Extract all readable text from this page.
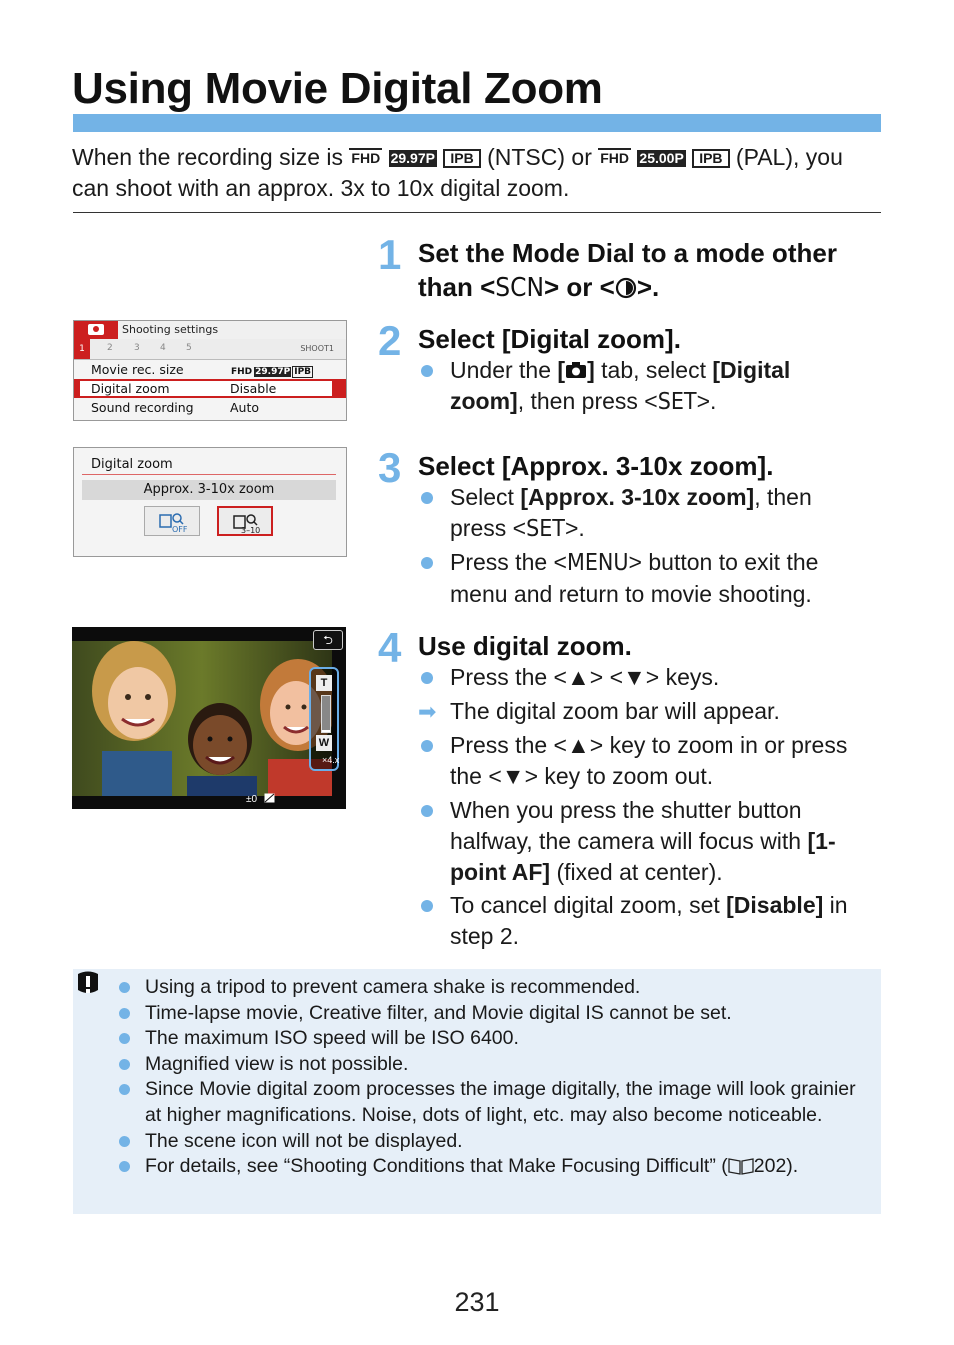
Using Movie Digital Zoom
When the recording size is FHD 29.97P IPB (NTSC) or FHD 25.00P IPB (PAL), you can shoot with an approx. 3x to 10x digital zoom.
1 Set the Mode Dial to a mode other than <SCN> or < >.
2 Select [Digital zoom].
Under the [ ] tab, select [Digital zoom], then press <SET>.
3 Select [Approx. 3-10x zoom].
Select [Approx. 3-10x zoom], then press <SET>.
Press the <MENU> button to exit the menu and return to movie shooting.
4 Use digital zoom.
Press the <▲> <▼> keys.
➡ The digital zoom bar will appear.
Press the <▲> key to zoom in or press the <▼> key to zoom out.
When you press the shutter button halfway, the camera will focus with [1-point AF] (fixed at center).
To cancel digital zoom, set [Disable] in step 2.
Shooting settings
1	2 3 4 5	SHOOT1
Movie rec. size	FHD 29.97P IPB
Digital zoom	Disable
Sound recording	Auto
Digital zoom
Approx. 3-10x zoom
OFF	3–10
⮌
T
W
×4.x
±0
Using a tripod to prevent camera shake is recommended.
Time-lapse movie, Creative filter, and Movie digital IS cannot be set.
The maximum ISO speed will be ISO 6400.
Magnified view is not possible.
Since Movie digital zoom processes the image digitally, the image will look grainier at higher magnifications. Noise, dots of light, etc. may also become noticeable.
The scene icon will not be displayed.
For details, see “Shooting Conditions that Make Focusing Difficult” ( 202).
231
